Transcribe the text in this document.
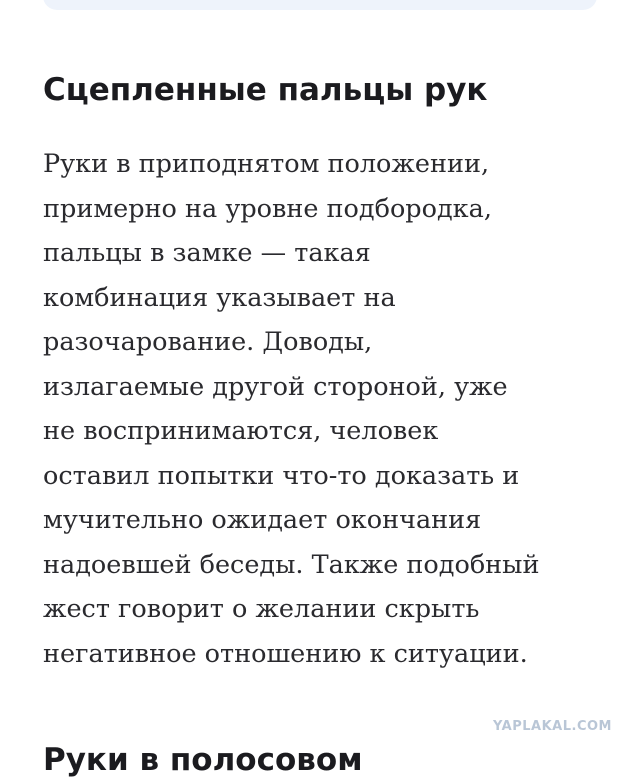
Сцепленные пальцы рук
Руки в приподнятом положении,
примерно на уровне подбородка,
пальцы в замке — такая
комбинация указывает на
разочарование. Доводы,
излагаемые другой стороной, уже
не воспринимаются, человек
оставил попытки что-то доказать и
мучительно ожидает окончания
надоевшей беседы. Также подобный
жест говорит о желании скрыть
негативное отношению к ситуации.
YAPLAKAL.COM
Руки в полосовом
